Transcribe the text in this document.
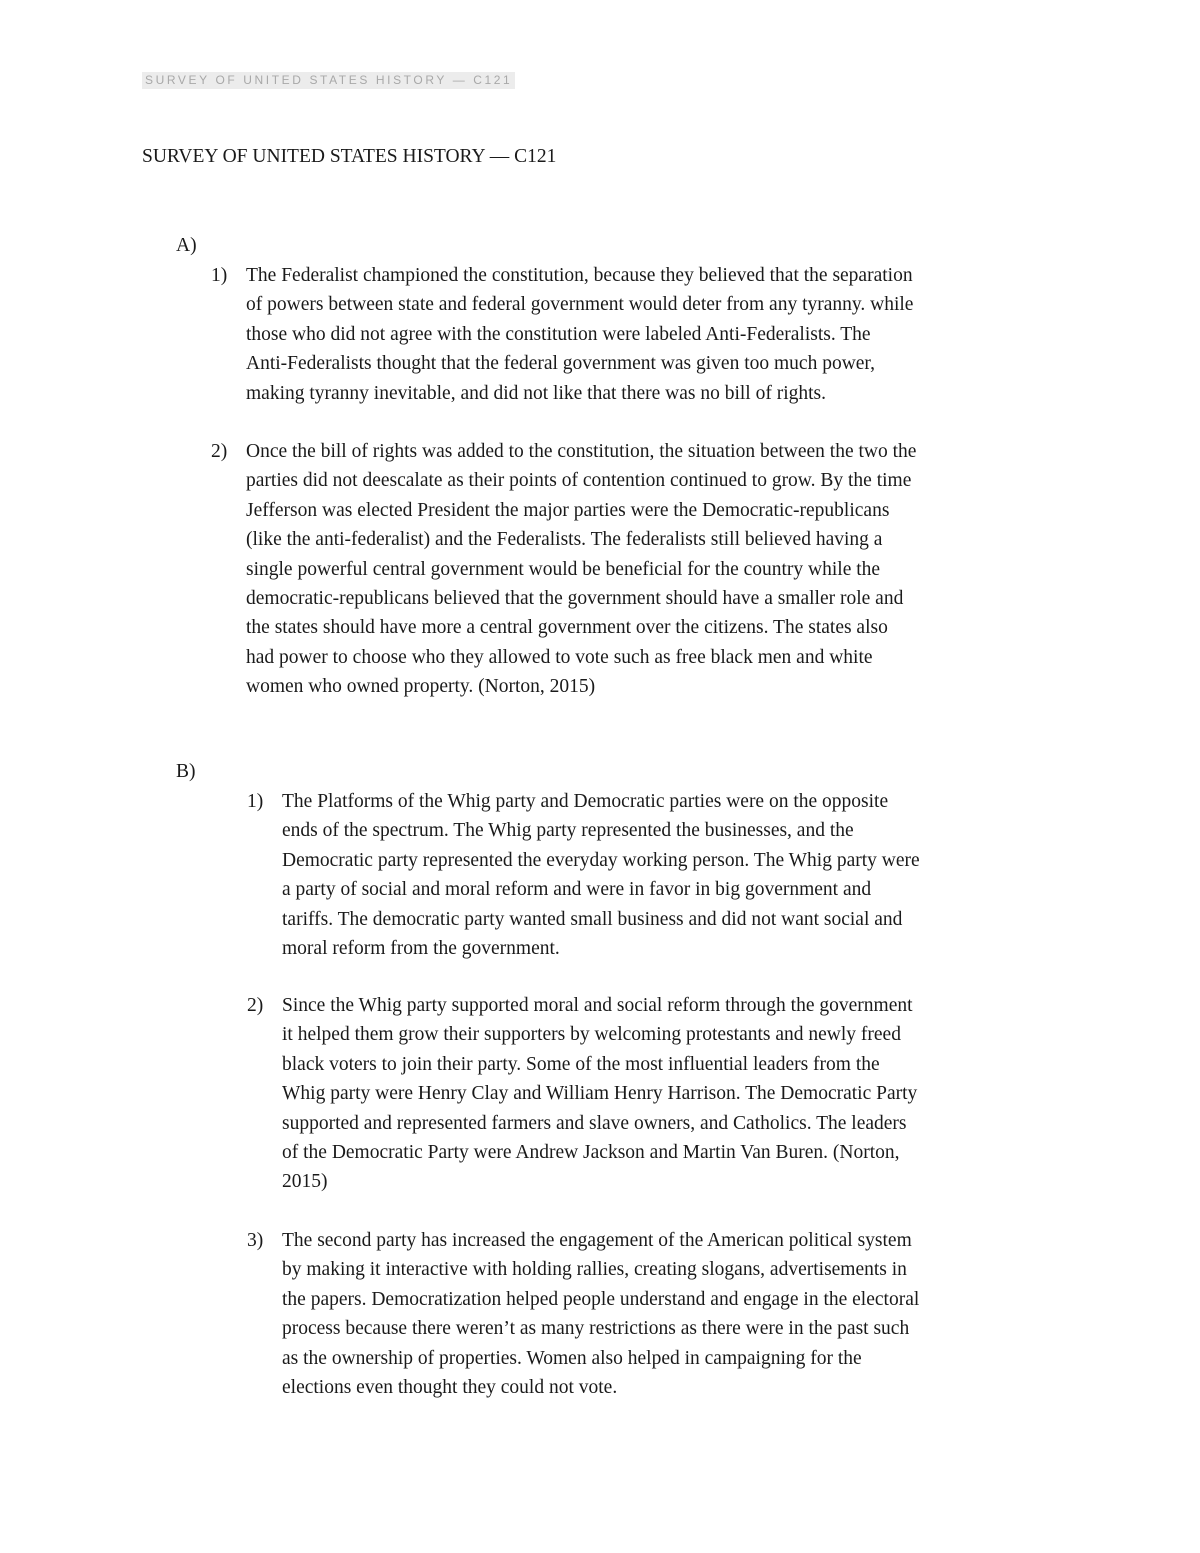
SURVEY OF UNITED STATES HISTORY — C121
SURVEY OF UNITED STATES HISTORY — C121
A)
1) The Federalist championed the constitution, because they believed that the separation
of powers between state and federal government would deter from any tyranny. while
those who did not agree with the constitution were labeled Anti-Federalists. The
Anti-Federalists thought that the federal government was given too much power,
making tyranny inevitable, and did not like that there was no bill of rights.
2) Once the bill of rights was added to the constitution, the situation between the two the
parties did not deescalate as their points of contention continued to grow. By the time
Jefferson was elected President the major parties were the Democratic-republicans
(like the anti-federalist) and the Federalists. The federalists still believed having a
single powerful central government would be beneficial for the country while the
democratic-republicans believed that the government should have a smaller role and
the states should have more a central government over the citizens. The states also
had power to choose who they allowed to vote such as free black men and white
women who owned property. (Norton, 2015)
B)
1) The Platforms of the Whig party and Democratic parties were on the opposite
ends of the spectrum. The Whig party represented the businesses, and the
Democratic party represented the everyday working person. The Whig party were
a party of social and moral reform and were in favor in big government and
tariffs. The democratic party wanted small business and did not want social and
moral reform from the government.
2) Since the Whig party supported moral and social reform through the government
it helped them grow their supporters by welcoming protestants and newly freed
black voters to join their party. Some of the most influential leaders from the
Whig party were Henry Clay and William Henry Harrison. The Democratic Party
supported and represented farmers and slave owners, and Catholics. The leaders
of the Democratic Party were Andrew Jackson and Martin Van Buren. (Norton,
2015)
3) The second party has increased the engagement of the American political system
by making it interactive with holding rallies, creating slogans, advertisements in
the papers. Democratization helped people understand and engage in the electoral
process because there weren’t as many restrictions as there were in the past such
as the ownership of properties. Women also helped in campaigning for the
elections even thought they could not vote.
